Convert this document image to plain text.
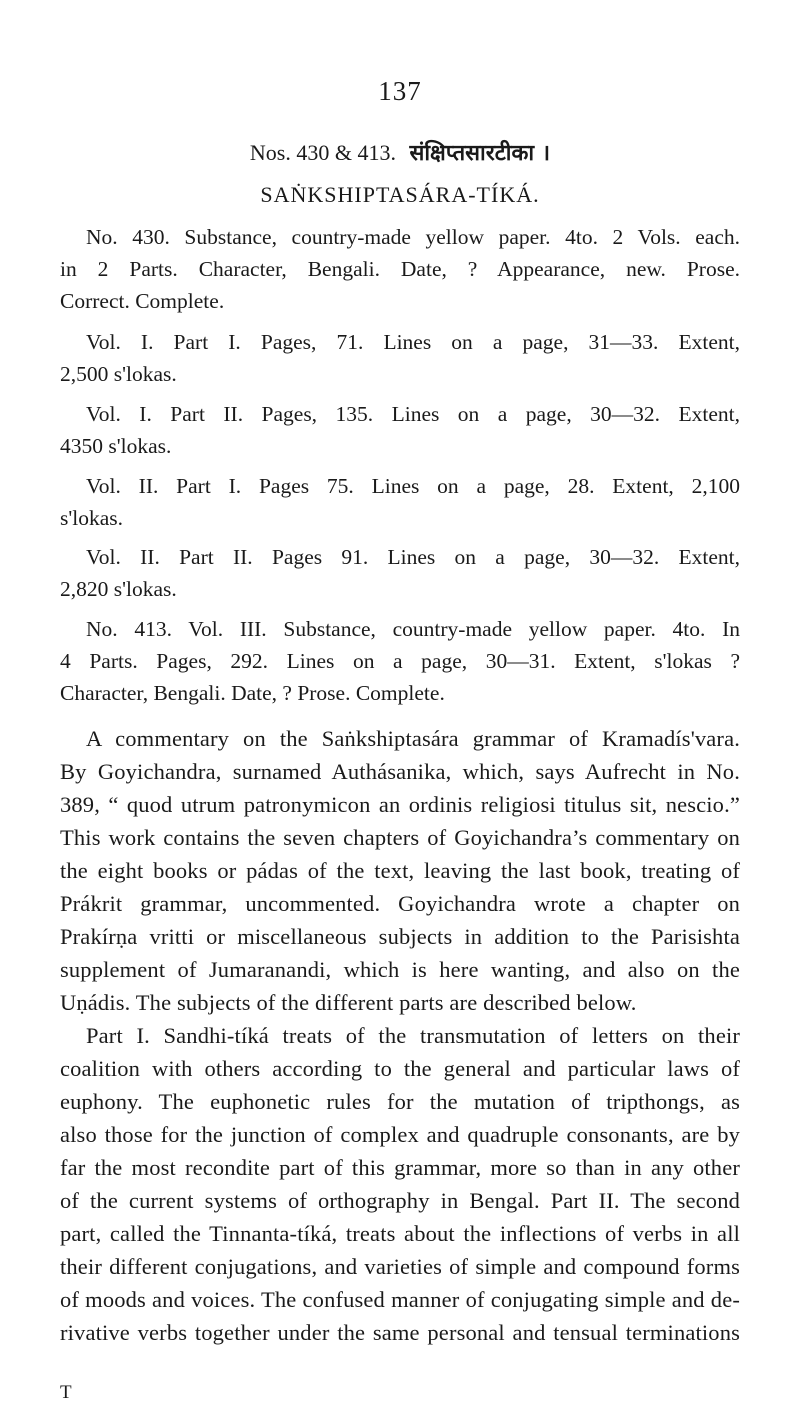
137
Nos. 430 & 413. संक्षिप्तसारटीका ।
SAṄKSHIPTASÁRA-TÍKÁ.
No. 430. Substance, country-made yellow paper. 4to. 2 Vols. each.
in 2 Parts. Character, Bengali. Date, ? Appearance, new. Prose.
Correct. Complete.
Vol. I. Part I. Pages, 71. Lines on a page, 31—33. Extent,
2,500 s'lokas.
Vol. I. Part II. Pages, 135. Lines on a page, 30—32. Extent,
4350 s'lokas.
Vol. II. Part I. Pages 75. Lines on a page, 28. Extent, 2,100
s'lokas.
Vol. II. Part II. Pages 91. Lines on a page, 30—32. Extent,
2,820 s'lokas.
No. 413. Vol. III. Substance, country-made yellow paper. 4to. In
4 Parts. Pages, 292. Lines on a page, 30—31. Extent, s'lokas ?
Character, Bengali. Date, ? Prose. Complete.
A commentary on the Saṅkshiptasára grammar of Kramadís'vara.
By Goyichandra, surnamed Authásanika, which, says Aufrecht in No.
389, “ quod utrum patronymicon an ordinis religiosi titulus sit, nescio.”
This work contains the seven chapters of Goyichandra’s commentary on
the eight books or pádas of the text, leaving the last book, treating of
Prákrit grammar, uncommented. Goyichandra wrote a chapter on
Prakírṇa vritti or miscellaneous subjects in addition to the Parisishta
supplement of Jumaranandi, which is here wanting, and also on the
Uṇádis. The subjects of the different parts are described below.
Part I. Sandhi-tíká treats of the transmutation of letters on their
coalition with others according to the general and particular laws of
euphony. The euphonetic rules for the mutation of tripthongs, as
also those for the junction of complex and quadruple consonants, are by
far the most recondite part of this grammar, more so than in any other
of the current systems of orthography in Bengal. Part II. The second
part, called the Tinnanta-tíká, treats about the inflections of verbs in all
their different conjugations, and varieties of simple and compound forms
of moods and voices. The confused manner of conjugating simple and de-
rivative verbs together under the same personal and tensual terminations
T
